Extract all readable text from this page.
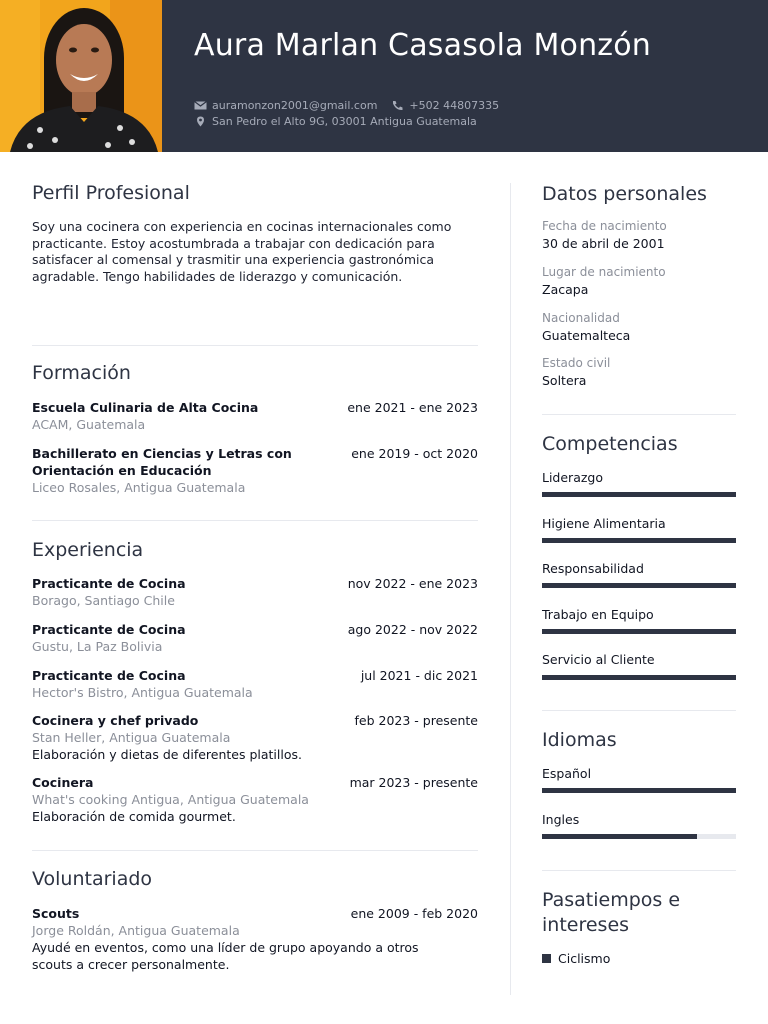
Aura Marlan Casasola Monzón
auramonzon2001@gmail.com	+502 44807335
San Pedro el Alto 9G, 03001 Antigua Guatemala
Perfil Profesional
Soy una cocinera con experiencia en cocinas internacionales como practicante. Estoy acostumbrada a trabajar con dedicación para satisfacer al comensal y trasmitir una experiencia gastronómica agradable. Tengo habilidades de liderazgo y comunicación.
Formación
Escuela Culinaria de Alta Cocina	ene 2021 - ene 2023
ACAM, Guatemala
Bachillerato en Ciencias y Letras con Orientación en Educación
ene 2019 - oct 2020
Liceo Rosales, Antigua Guatemala
Experiencia
Practicante de Cocina	nov 2022 - ene 2023
Borago, Santiago Chile
Practicante de Cocina	ago 2022 - nov 2022
Gustu, La Paz Bolivia
Practicante de Cocina	jul 2021 - dic 2021
Hector's Bistro, Antigua Guatemala
Cocinera y chef privado	feb 2023 - presente
Stan Heller, Antigua Guatemala
Elaboración y dietas de diferentes platillos.
Cocinera	mar 2023 - presente
What's cooking Antigua, Antigua Guatemala
Elaboración de comida gourmet.
Voluntariado
Scouts	ene 2009 - feb 2020
Jorge Roldán, Antigua Guatemala
Ayudé en eventos, como una líder de grupo apoyando a otros scouts a crecer personalmente.
Datos personales
Fecha de nacimiento
30 de abril de 2001
Lugar de nacimiento
Zacapa
Nacionalidad
Guatemalteca
Estado civil
Soltera
Competencias
Liderazgo
Higiene Alimentaria
Responsabilidad
Trabajo en Equipo
Servicio al Cliente
Idiomas
Español
Ingles
Pasatiempos e intereses
Ciclismo
